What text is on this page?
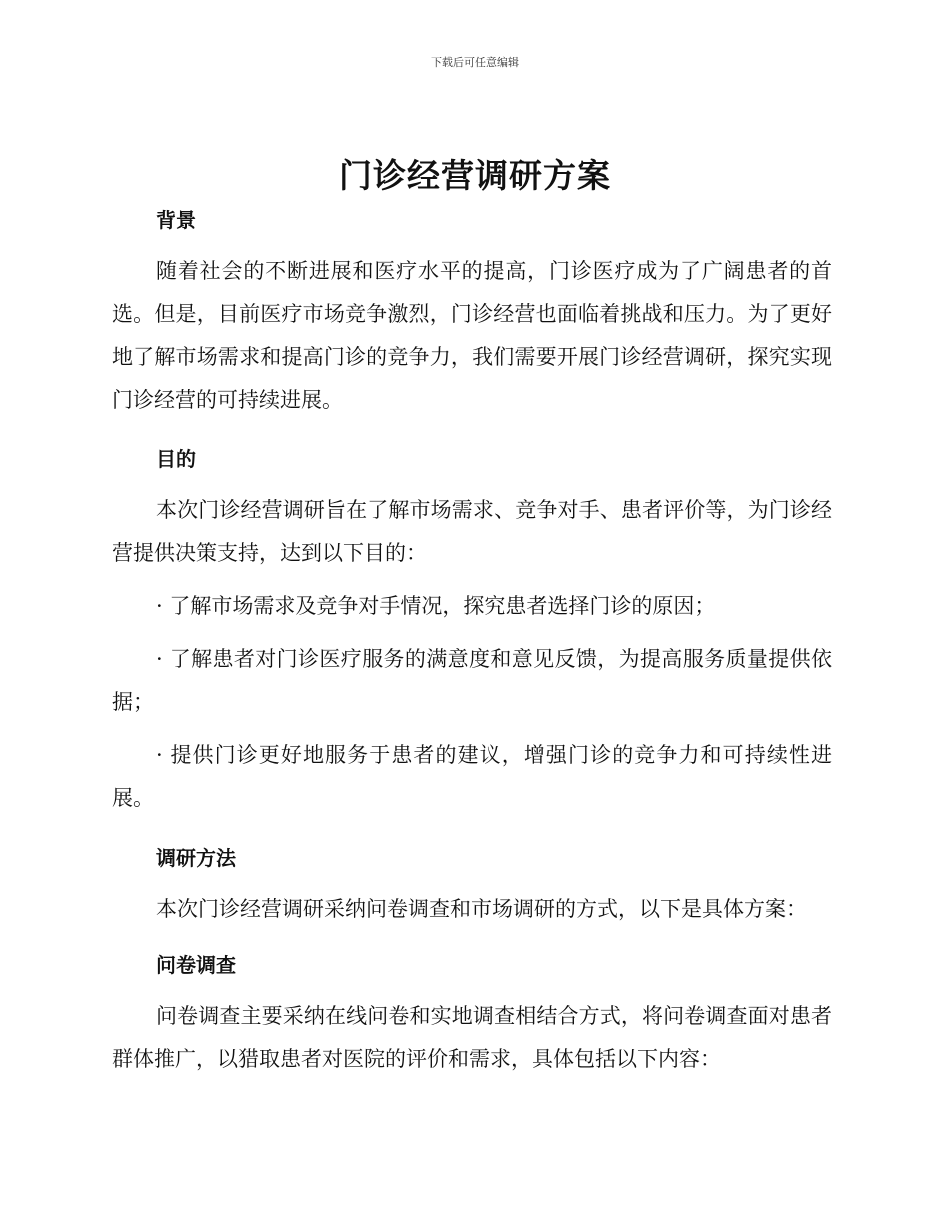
下载后可任意编辑
门诊经营调研方案
背景

随着社会的不断进展和医疗水平的提高，门诊医疗成为了广阔患者的首选。但是，目前医疗市场竞争激烈，门诊经营也面临着挑战和压力。为了更好地了解市场需求和提高门诊的竞争力，我们需要开展门诊经营调研，探究实现门诊经营的可持续进展。

目的

本次门诊经营调研旨在了解市场需求、竞争对手、患者评价等，为门诊经营提供决策支持，达到以下目的：

· 了解市场需求及竞争对手情况，探究患者选择门诊的原因；

· 了解患者对门诊医疗服务的满意度和意见反馈，为提高服务质量提供依据；

· 提供门诊更好地服务于患者的建议，增强门诊的竞争力和可持续性进展。

调研方法

本次门诊经营调研采纳问卷调查和市场调研的方式，以下是具体方案：

问卷调查

问卷调查主要采纳在线问卷和实地调查相结合方式，将问卷调查面对患者群体推广，以猎取患者对医院的评价和需求，具体包括以下内容：
